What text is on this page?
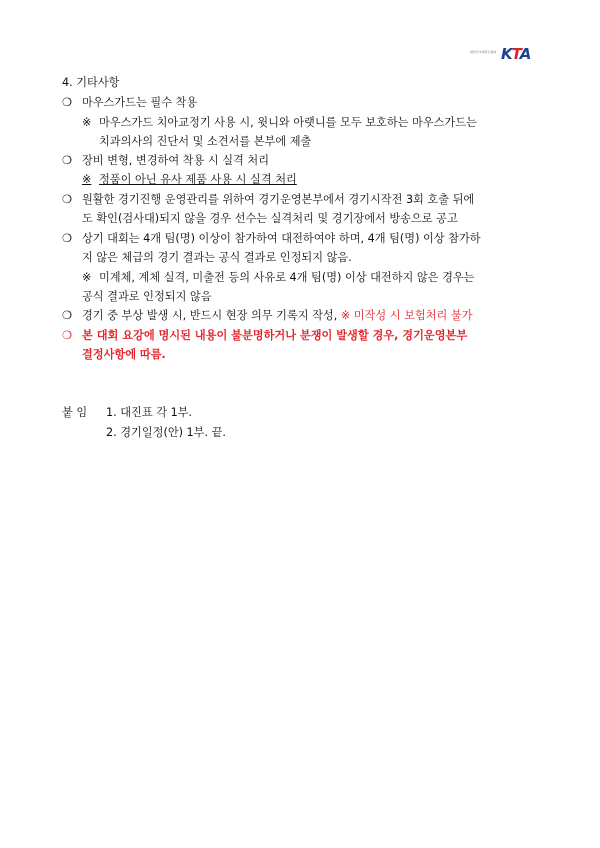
대한민국태권도협회 KTA
4. 기타사항
❍ 마우스가드는 필수 착용
※ 마우스가드 치아교정기 사용 시, 윗니와 아랫니를 모두 보호하는 마우스가드는
치과의사의 진단서 및 소견서를 본부에 제출
❍ 장비 변형, 변경하여 착용 시 실격 처리
※ 정품이 아닌 유사 제품 사용 시 실격 처리
❍ 원활한 경기진행 운영관리를 위하여 경기운영본부에서 경기시작전 3회 호출 뒤에
도 확인(검사대)되지 않을 경우 선수는 실격처리 및 경기장에서 방송으로 공고
❍ 상기 대회는 4개 팀(명) 이상이 참가하여 대전하여야 하며, 4개 팀(명) 이상 참가하
지 않은 체급의 경기 결과는 공식 결과로 인정되지 않음.
※ 미계체, 계체 실격, 미출전 등의 사유로 4개 팀(명) 이상 대전하지 않은 경우는
공식 결과로 인정되지 않음
❍ 경기 중 부상 발생 시, 반드시 현장 의무 기록지 작성, ※ 미작성 시 보험처리 불가
❍ 본 대회 요강에 명시된 내용이 불분명하거나 분쟁이 발생할 경우, 경기운영본부
결정사항에 따름.
붙 임 1. 대진표 각 1부.
2. 경기일정(안) 1부. 끝.
